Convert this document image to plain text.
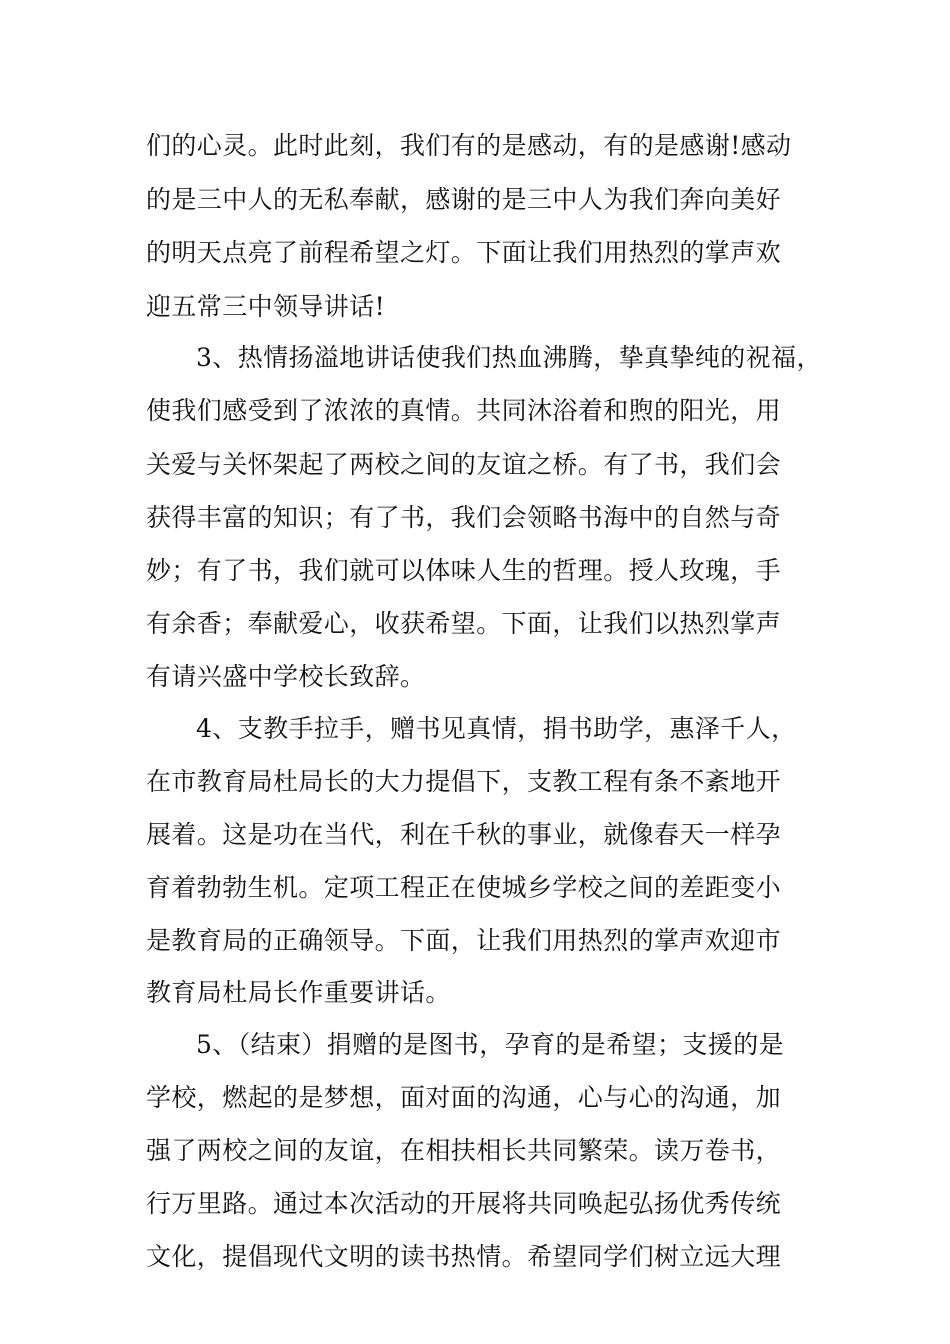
们的心灵。此时此刻，我们有的是感动，有的是感谢!感动
的是三中人的无私奉献，感谢的是三中人为我们奔向美好
的明天点亮了前程希望之灯。下面让我们用热烈的掌声欢
迎五常三中领导讲话!
3、热情扬溢地讲话使我们热血沸腾，挚真挚纯的祝福，
使我们感受到了浓浓的真情。共同沐浴着和煦的阳光，用
关爱与关怀架起了两校之间的友谊之桥。有了书，我们会
获得丰富的知识；有了书，我们会领略书海中的自然与奇
妙；有了书，我们就可以体味人生的哲理。授人玫瑰，手
有余香；奉献爱心，收获希望。下面，让我们以热烈掌声
有请兴盛中学校长致辞。
4、支教手拉手，赠书见真情，捐书助学，惠泽千人，
在市教育局杜局长的大力提倡下，支教工程有条不紊地开
展着。这是功在当代，利在千秋的事业，就像春天一样孕
育着勃勃生机。定项工程正在使城乡学校之间的差距变小
是教育局的正确领导。下面，让我们用热烈的掌声欢迎市
教育局杜局长作重要讲话。
5、（结束）捐赠的是图书，孕育的是希望；支援的是
学校，燃起的是梦想，面对面的沟通，心与心的沟通，加
强了两校之间的友谊，在相扶相长共同繁荣。读万卷书，
行万里路。通过本次活动的开展将共同唤起弘扬优秀传统
文化，提倡现代文明的读书热情。希望同学们树立远大理
